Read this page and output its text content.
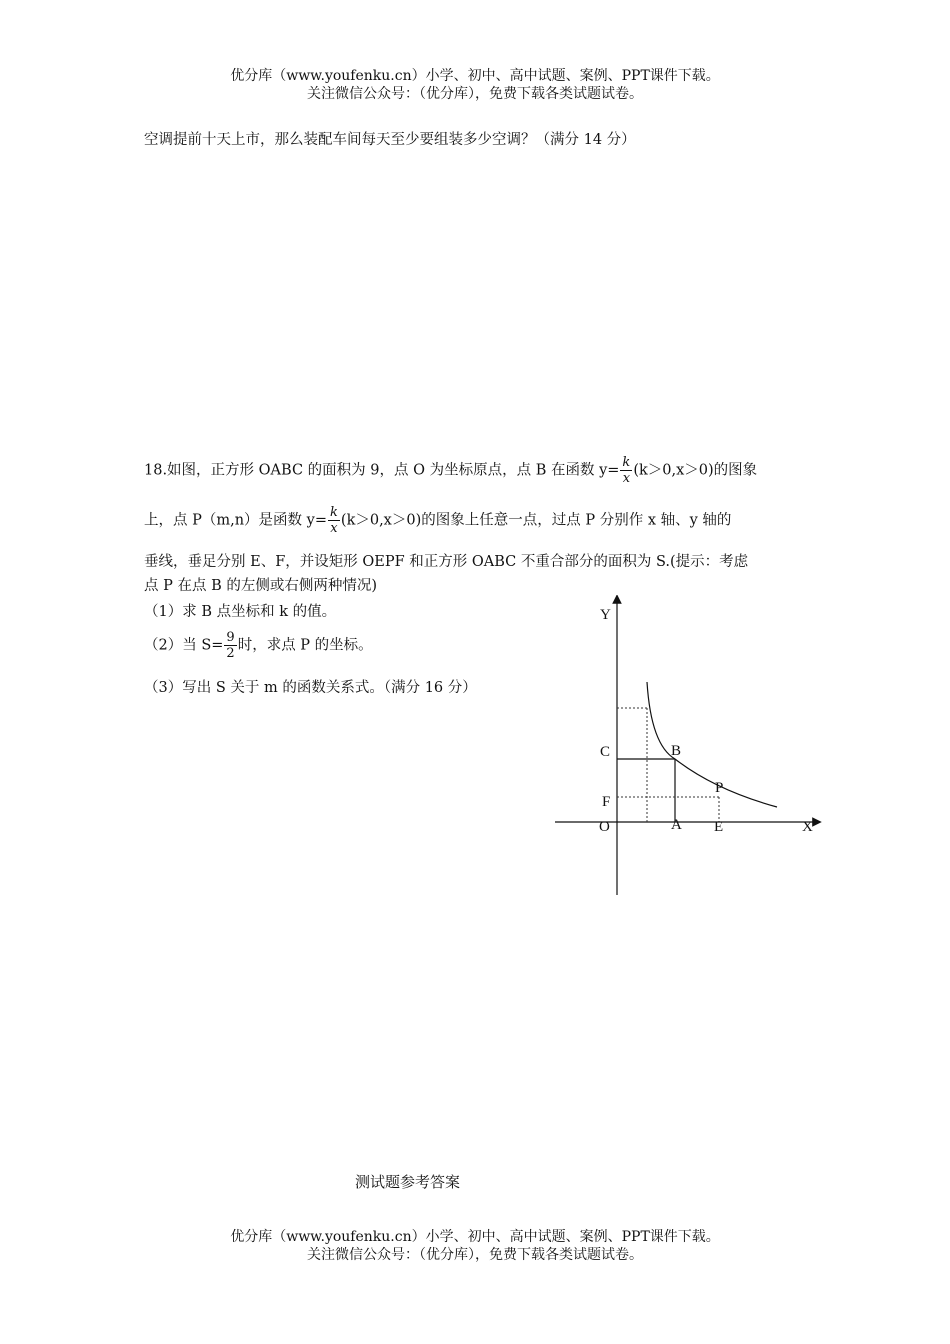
优分库（www.youfenku.cn）小学、初中、高中试题、案例、PPT课件下载。
关注微信公众号：（优分库），免费下载各类试题试卷。
空调提前十天上市，那么装配车间每天至少要组装多少空调？（满分 14 分）
18.如图，正方形 OABC 的面积为 9，点 O 为坐标原点，点 B 在函数 $y= \frac{k}{x} (k>0,x>0)$的图象
上，点 P（m,n）是函数 $y= \frac{k}{x} (k>0,x>0)$的图象上任意一点，过点 P 分别作 x 轴、y 轴的
垂线，垂足分别 E、F，并设矩形 OEPF 和正方形 OABC 不重合部分的面积为 S.(提示：考虑
点 P 在点 B 的左侧或右侧两种情况)
（1）求 B 点坐标和 k 的值。
（2）当 $S= \frac{9}{2}$ 时，求点 P 的坐标。
（3）写出 S 关于 m 的函数关系式。（满分 16 分）
Y
X
O	A
B
C
E
F
P
测试题参考答案
优分库（www.youfenku.cn）小学、初中、高中试题、案例、PPT课件下载。
关注微信公众号：（优分库），免费下载各类试题试卷。
